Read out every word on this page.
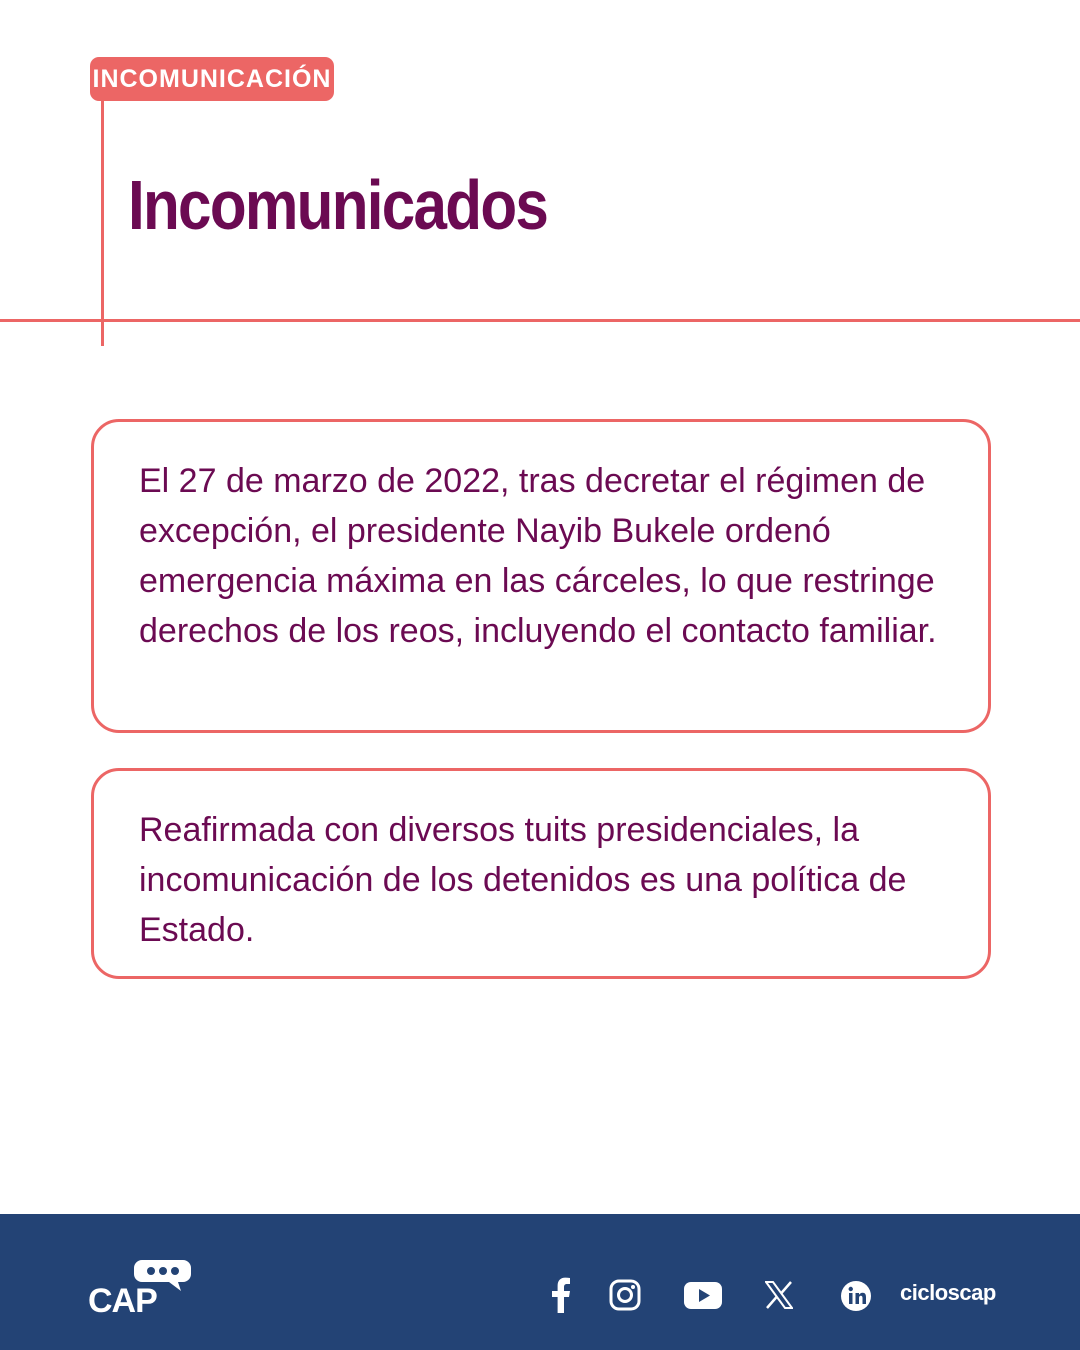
INCOMUNICACIÓN
Incomunicados

El 27 de marzo de 2022, tras decretar el régimen de excepción, el presidente Nayib Bukele ordenó emergencia máxima en las cárceles, lo que restringe derechos de los reos, incluyendo el contacto familiar.

Reafirmada con diversos tuits presidenciales, la incomunicación de los detenidos es una política de Estado.

CAP	cicloscap
